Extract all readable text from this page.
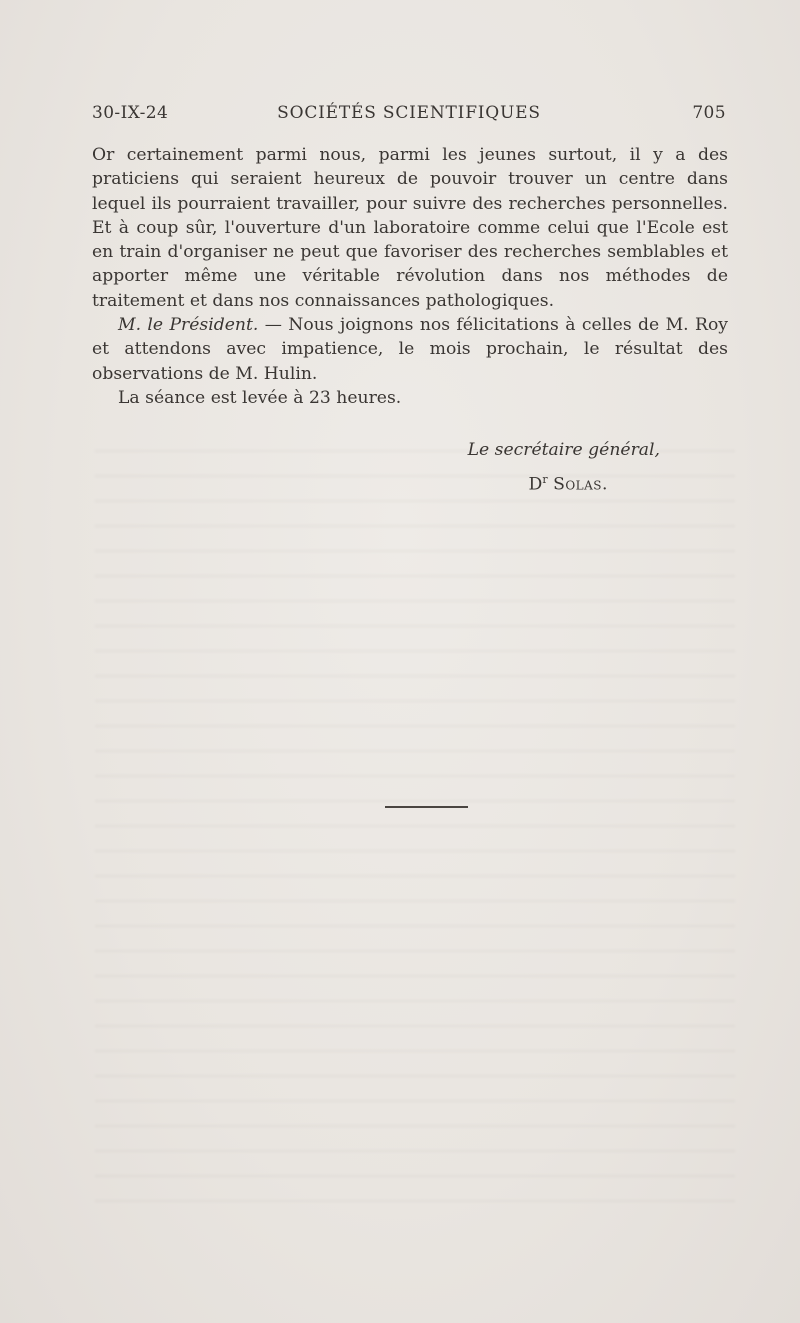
30-IX-24	SOCIÉTÉS SCIENTIFIQUES	705

Or certainement parmi nous, parmi les jeunes surtout, il y a des praticiens qui seraient heureux de pouvoir trouver un centre dans lequel ils pourraient travailler, pour suivre des recherches personnelles. Et à coup sûr, l'ouverture d'un laboratoire comme celui que l'Ecole est en train d'organiser ne peut que favoriser des recherches semblables et apporter même une véritable révolution dans nos méthodes de traitement et dans nos connaissances pathologiques.

M. le Président. — Nous joignons nos félicitations à celles de M. Roy et attendons avec impatience, le mois prochain, le résultat des observations de M. Hulin.

La séance est levée à 23 heures.

Le secrétaire général,
$D^r$ Solas.
